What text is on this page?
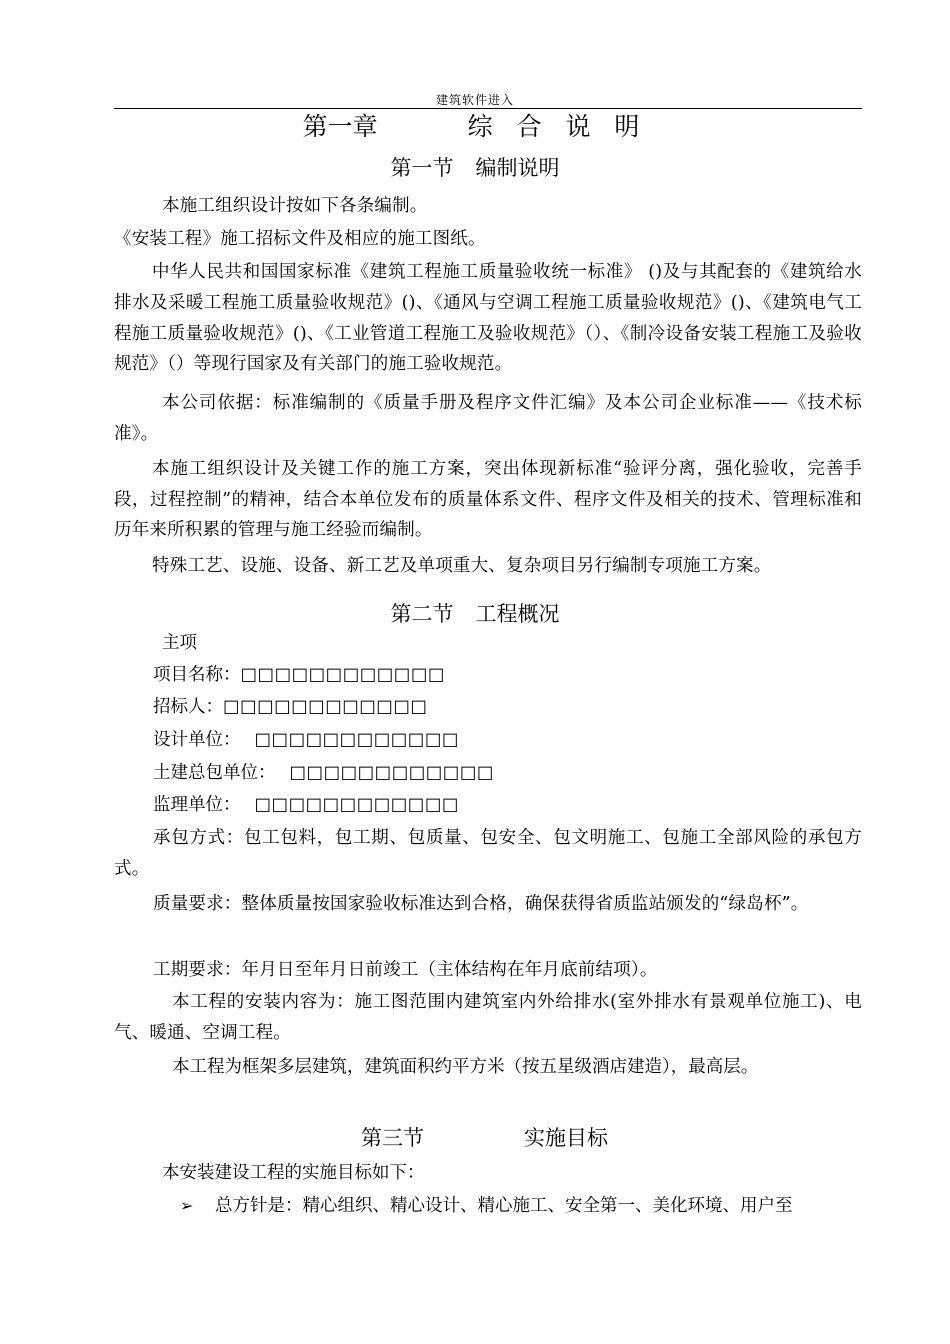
建筑软件进入
第一章	综 合 说 明
第一节 编制说明
本施工组织设计按如下各条编制。
《安装工程》施工招标文件及相应的施工图纸。
中华人民共和国国家标准《建筑工程施工质量验收统一标准》 ()及与其配套的《建筑给水排水及采暖工程施工质量验收规范》()、《通风与空调工程施工质量验收规范》()、《建筑电气工程施工质量验收规范》()、《工业管道工程施工及验收规范》（）、《制冷设备安装工程施工及验收规范》（）等现行国家及有关部门的施工验收规范。
本公司依据：标准编制的《质量手册及程序文件汇编》及本公司企业标准——《技术标准》。
本施工组织设计及关键工作的施工方案，突出体现新标准“验评分离，强化验收，完善手段，过程控制”的精神，结合本单位发布的质量体系文件、程序文件及相关的技术、管理标准和历年来所积累的管理与施工经验而编制。
特殊工艺、设施、设备、新工艺及单项重大、复杂项目另行编制专项施工方案。
第二节 工程概况
主项
项目名称：□□□□□□□□□□□□
招标人：□□□□□□□□□□□□
设计单位： □□□□□□□□□□□□
土建总包单位： □□□□□□□□□□□□
监理单位： □□□□□□□□□□□□
承包方式：包工包料，包工期、包质量、包安全、包文明施工、包施工全部风险的承包方式。
质量要求：整体质量按国家验收标准达到合格，确保获得省质监站颁发的“绿岛杯”。
工期要求：年月日至年月日前竣工（主体结构在年月底前结项）。
本工程的安装内容为：施工图范围内建筑室内外给排水(室外排水有景观单位施工)、电气、暖通、空调工程。
本工程为框架多层建筑，建筑面积约平方米（按五星级酒店建造），最高层。
第三节	实施目标
本安装建设工程的实施目标如下：
➢ 总方针是：精心组织、精心设计、精心施工、安全第一、美化环境、用户至
